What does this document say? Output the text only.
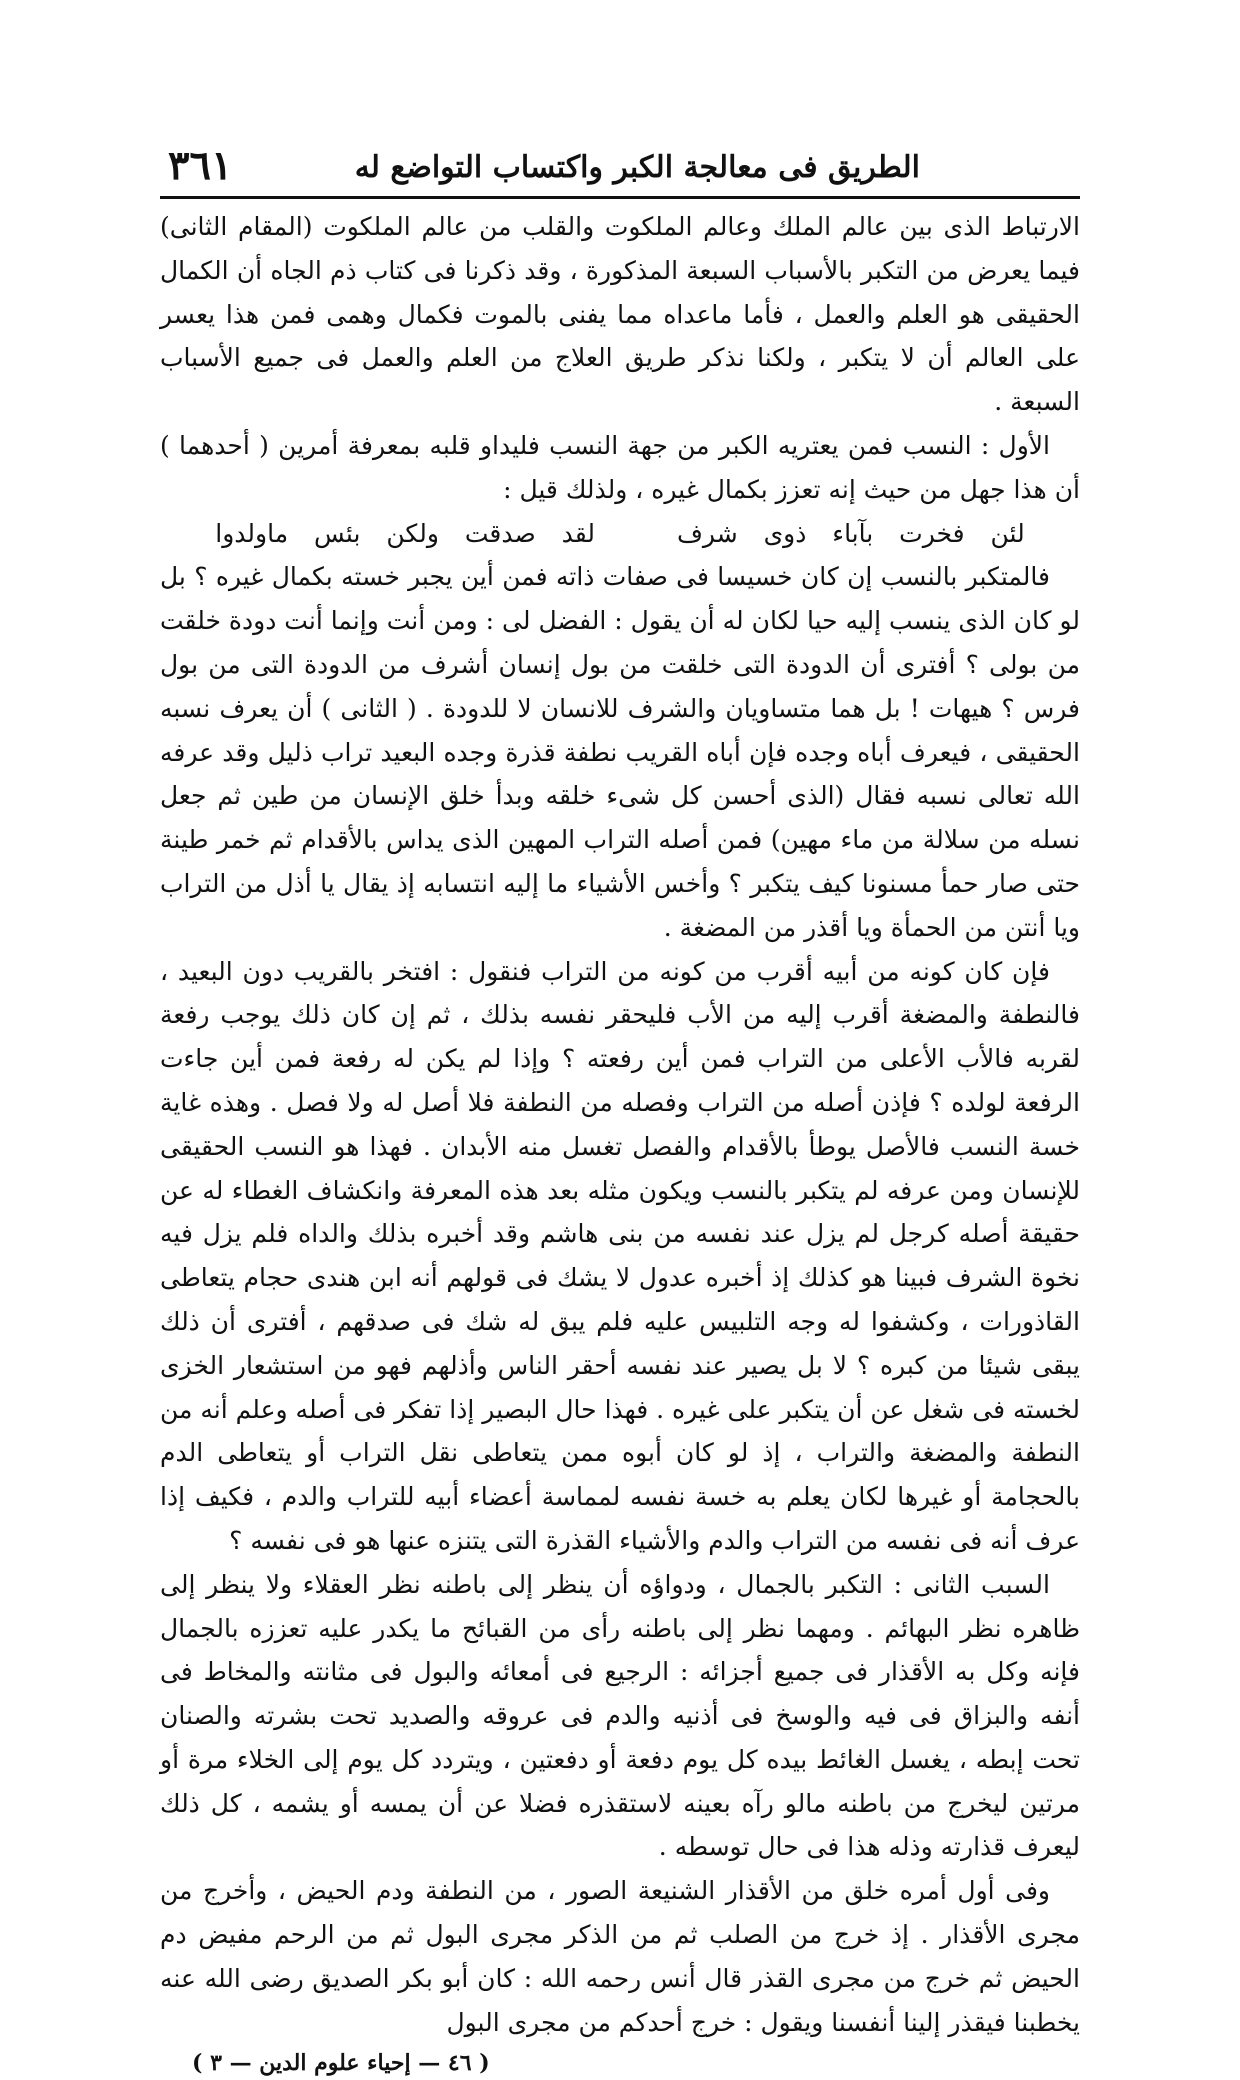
الطريق فى معالجة الكبر واكتساب التواضع له
٣٦١

الارتباط الذى بين عالم الملك وعالم الملكوت والقلب من عالم الملكوت (المقام الثانى) فيما يعرض من التكبر بالأسباب السبعة المذكورة ، وقد ذكرنا فى كتاب ذم الجاه أن الكمال الحقيقى هو العلم والعمل ، فأما ماعداه مما يفنى بالموت فكمال وهمى فمن هذا يعسر على العالم أن لا يتكبر ، ولكنا نذكر طريق العلاج من العلم والعمل فى جميع الأسباب السبعة .

الأول : النسب فمن يعتريه الكبر من جهة النسب فليداو قلبه بمعرفة أمرين ( أحدهما ) أن هذا جهل من حيث إنه تعزز بكمال غيره ، ولذلك قيل :

لئن فخرت بآباء ذوى شرف لقد صدقت ولكن بئس ماولدوا

فالمتكبر بالنسب إن كان خسيسا فى صفات ذاته فمن أين يجبر خسته بكمال غيره ؟ بل لو كان الذى ينسب إليه حيا لكان له أن يقول : الفضل لى : ومن أنت وإنما أنت دودة خلقت من بولى ؟ أفترى أن الدودة التى خلقت من بول إنسان أشرف من الدودة التى من بول فرس ؟ هيهات ! بل هما متساويان والشرف للانسان لا للدودة . ( الثانى ) أن يعرف نسبه الحقيقى ، فيعرف أباه وجده فإن أباه القريب نطفة قذرة وجده البعيد تراب ذليل وقد عرفه الله تعالى نسبه فقال (الذى أحسن كل شىء خلقه وبدأ خلق الإنسان من طين ثم جعل نسله من سلالة من ماء مهين) فمن أصله التراب المهين الذى يداس بالأقدام ثم خمر طينة حتى صار حمأ مسنونا كيف يتكبر ؟ وأخس الأشياء ما إليه انتسابه إذ يقال يا أذل من التراب ويا أنتن من الحمأة ويا أقذر من المضغة .

فإن كان كونه من أبيه أقرب من كونه من التراب فنقول : افتخر بالقريب دون البعيد ، فالنطفة والمضغة أقرب إليه من الأب فليحقر نفسه بذلك ، ثم إن كان ذلك يوجب رفعة لقربه فالأب الأعلى من التراب فمن أين رفعته ؟ وإذا لم يكن له رفعة فمن أين جاءت الرفعة لولده ؟ فإذن أصله من التراب وفصله من النطفة فلا أصل له ولا فصل . وهذه غاية خسة النسب فالأصل يوطأ بالأقدام والفصل تغسل منه الأبدان . فهذا هو النسب الحقيقى للإنسان ومن عرفه لم يتكبر بالنسب ويكون مثله بعد هذه المعرفة وانكشاف الغطاء له عن حقيقة أصله كرجل لم يزل عند نفسه من بنى هاشم وقد أخبره بذلك والداه فلم يزل فيه نخوة الشرف فبينا هو كذلك إذ أخبره عدول لا يشك فى قولهم أنه ابن هندى حجام يتعاطى القاذورات ، وكشفوا له وجه التلبيس عليه فلم يبق له شك فى صدقهم ، أفترى أن ذلك يبقى شيئا من كبره ؟ لا بل يصير عند نفسه أحقر الناس وأذلهم فهو من استشعار الخزى لخسته فى شغل عن أن يتكبر على غيره . فهذا حال البصير إذا تفكر فى أصله وعلم أنه من النطفة والمضغة والتراب ، إذ لو كان أبوه ممن يتعاطى نقل التراب أو يتعاطى الدم بالحجامة أو غيرها لكان يعلم به خسة نفسه لمماسة أعضاء أبيه للتراب والدم ، فكيف إذا عرف أنه فى نفسه من التراب والدم والأشياء القذرة التى يتنزه عنها هو فى نفسه ؟

السبب الثانى : التكبر بالجمال ، ودواؤه أن ينظر إلى باطنه نظر العقلاء ولا ينظر إلى ظاهره نظر البهائم . ومهما نظر إلى باطنه رأى من القبائح ما يكدر عليه تعززه بالجمال فإنه وكل به الأقذار فى جميع أجزائه : الرجيع فى أمعائه والبول فى مثانته والمخاط فى أنفه والبزاق فى فيه والوسخ فى أذنيه والدم فى عروقه والصديد تحت بشرته والصنان تحت إبطه ، يغسل الغائط بيده كل يوم دفعة أو دفعتين ، ويتردد كل يوم إلى الخلاء مرة أو مرتين ليخرج من باطنه مالو رآه بعينه لاستقذره فضلا عن أن يمسه أو يشمه ، كل ذلك ليعرف قذارته وذله هذا فى حال توسطه .

وفى أول أمره خلق من الأقذار الشنيعة الصور ، من النطفة ودم الحيض ، وأخرج من مجرى الأقذار . إذ خرج من الصلب ثم من الذكر مجرى البول ثم من الرحم مفيض دم الحيض ثم خرج من مجرى القذر قال أنس رحمه الله : كان أبو بكر الصديق رضى الله عنه يخطبنا فيقذر إلينا أنفسنا ويقول : خرج أحدكم من مجرى البول

( ٤٦ — إحياء علوم الدين — ٣ )
